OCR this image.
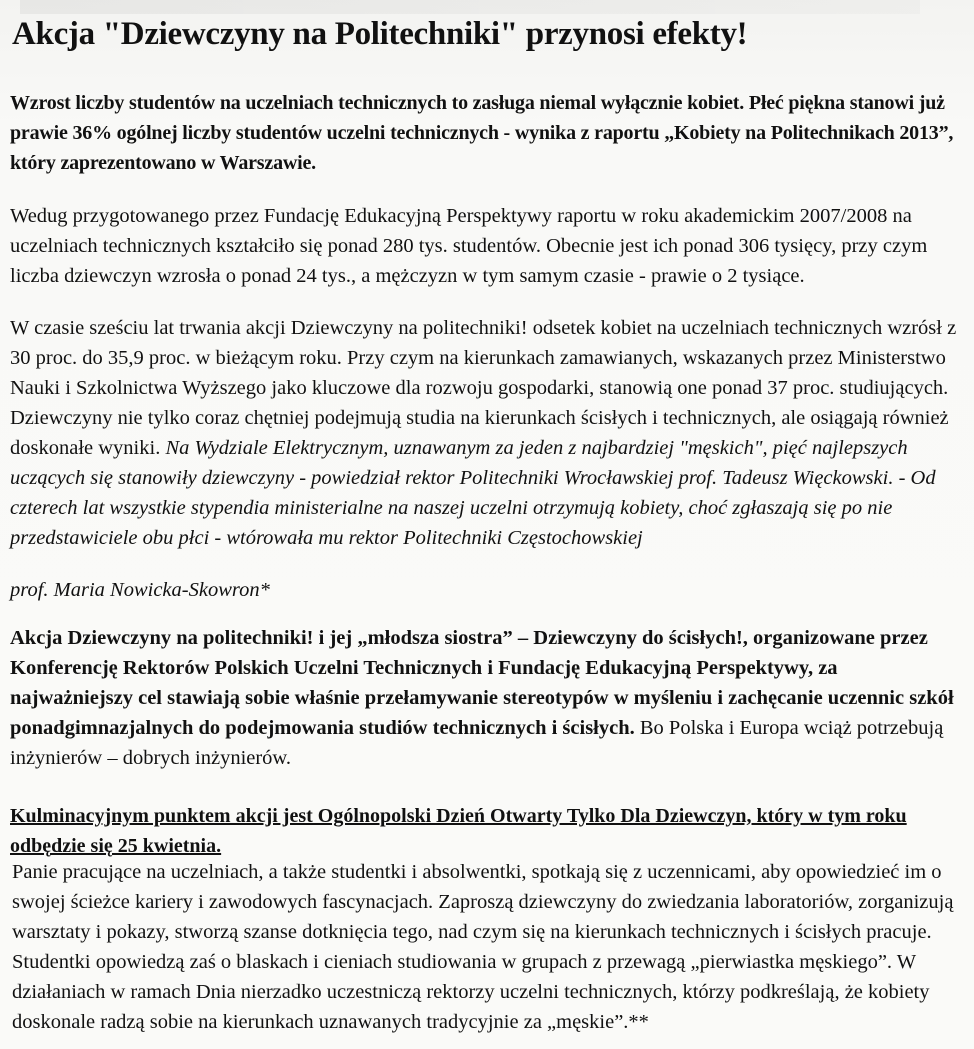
Akcja "Dziewczyny na Politechniki" przynosi efekty!

Wzrost liczby studentów na uczelniach technicznych to zasługa niemal wyłącznie kobiet. Płeć piękna stanowi już prawie 36% ogólnej liczby studentów uczelni technicznych - wynika z raportu „Kobiety na Politechnikach 2013”, który zaprezentowano w Warszawie.

Wedug przygotowanego przez Fundację Edukacyjną Perspektywy raportu w roku akademickim 2007/2008 na uczelniach technicznych kształciło się ponad 280 tys. studentów. Obecnie jest ich ponad 306 tysięcy, przy czym liczba dziewczyn wzrosła o ponad 24 tys., a mężczyzn w tym samym czasie - prawie o 2 tysiące.

W czasie sześciu lat trwania akcji Dziewczyny na politechniki! odsetek kobiet na uczelniach technicznych wzrósł z 30 proc. do 35,9 proc. w bieżącym roku. Przy czym na kierunkach zamawianych, wskazanych przez Ministerstwo Nauki i Szkolnictwa Wyższego jako kluczowe dla rozwoju gospodarki, stanowią one ponad 37 proc. studiujących. Dziewczyny nie tylko coraz chętniej podejmują studia na kierunkach ścisłych i technicznych, ale osiągają również doskonałe wyniki. Na Wydziale Elektrycznym, uznawanym za jeden z najbardziej "męskich", pięć najlepszych uczących się stanowiły dziewczyny - powiedział rektor Politechniki Wrocławskiej prof. Tadeusz Więckowski. - Od czterech lat wszystkie stypendia ministerialne na naszej uczelni otrzymują kobiety, choć zgłaszają się po nie przedstawiciele obu płci - wtórowała mu rektor Politechniki Częstochowskiej

prof. Maria Nowicka-Skowron*

Akcja Dziewczyny na politechniki! i jej „młodsza siostra” – Dziewczyny do ścisłych!, organizowane przez Konferencję Rektorów Polskich Uczelni Technicznych i Fundację Edukacyjną Perspektywy, za najważniejszy cel stawiają sobie właśnie przełamywanie stereotypów w myśleniu i zachęcanie uczennic szkół ponadgimnazjalnych do podejmowania studiów technicznych i ścisłych. Bo Polska i Europa wciąż potrzebują inżynierów – dobrych inżynierów.

Kulminacyjnym punktem akcji jest Ogólnopolski Dzień Otwarty Tylko Dla Dziewczyn, który w tym roku odbędzie się 25 kwietnia.

Panie pracujące na uczelniach, a także studentki i absolwentki, spotkają się z uczennicami, aby opowiedzieć im o swojej ścieżce kariery i zawodowych fascynacjach. Zaproszą dziewczyny do zwiedzania laboratoriów, zorganizują warsztaty i pokazy, stworzą szanse dotknięcia tego, nad czym się na kierunkach technicznych i ścisłych pracuje. Studentki opowiedzą zaś o blaskach i cieniach studiowania w grupach z przewagą „pierwiastka męskiego”. W działaniach w ramach Dnia nierzadko uczestniczą rektorzy uczelni technicznych, którzy podkreślają, że kobiety doskonale radzą sobie na kierunkach uznawanych tradycyjnie za „męskie”.**
